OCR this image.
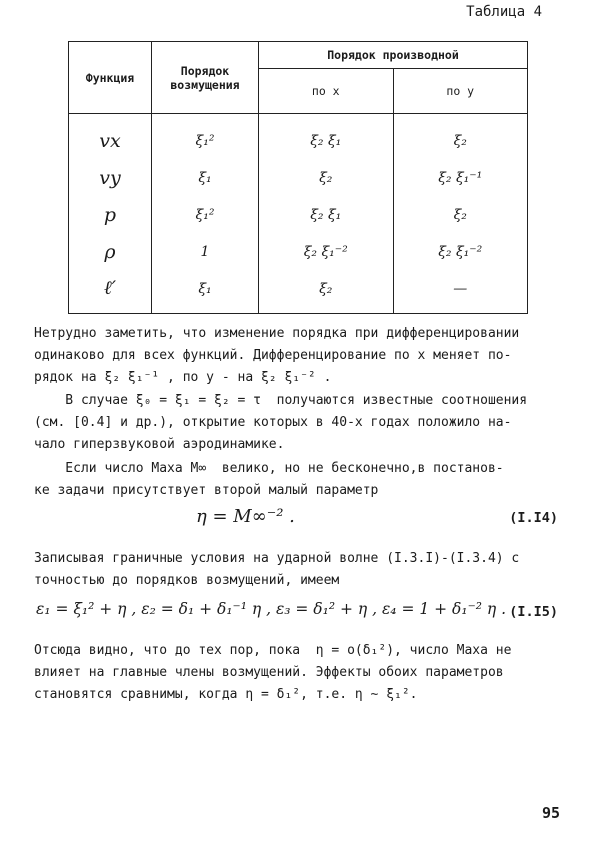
Таблица 4
Функция	Порядок возмущения	Порядок производной	
		по x	по y
vx	ξ₁²	ξ₂ ξ₁	ξ₂
vy	ξ₁	ξ₂	ξ₂ ξ₁⁻¹
p	ξ₁²	ξ₂ ξ₁	ξ₂
ρ	1	ξ₂ ξ₁⁻²	ξ₂ ξ₁⁻²
ℓ′	ξ₁	ξ₂	—
Нетрудно заметить, что изменение порядка при дифференцировании
одинаково для всех функций. Дифференцирование по x меняет по-
рядок на ξ₂ ξ₁⁻¹ , по y - на ξ₂ ξ₁⁻² .
В случае ξ₀ = ξ₁ = ξ₂ = τ  получаются известные соотношения
(см. [0.4] и др.), открытие которых в 40-х годах положило на-
чало гиперзвуковой аэродинамике.
Если число Маха M∞  велико, но не бесконечно,в постанов-
ке задачи присутствует второй малый параметр
η = M∞⁻² .	(I.I4)
Записывая граничные условия на ударной волне (I.3.I)-(I.3.4) с
точностью до порядков возмущений, имеем
ε₁ = ξ₁² + η , ε₂ = δ₁ + δ₁⁻¹ η , ε₃ = δ₁² + η , ε₄ = 1 + δ₁⁻² η . (I.I5)
Отсюда видно, что до тех пор, пока  η = o(δ₁²), число Маха не
влияет на главные члены возмущений. Эффекты обоих параметров
становятся сравнимы, когда η = δ₁², т.е. η ∼ ξ₁².
95
